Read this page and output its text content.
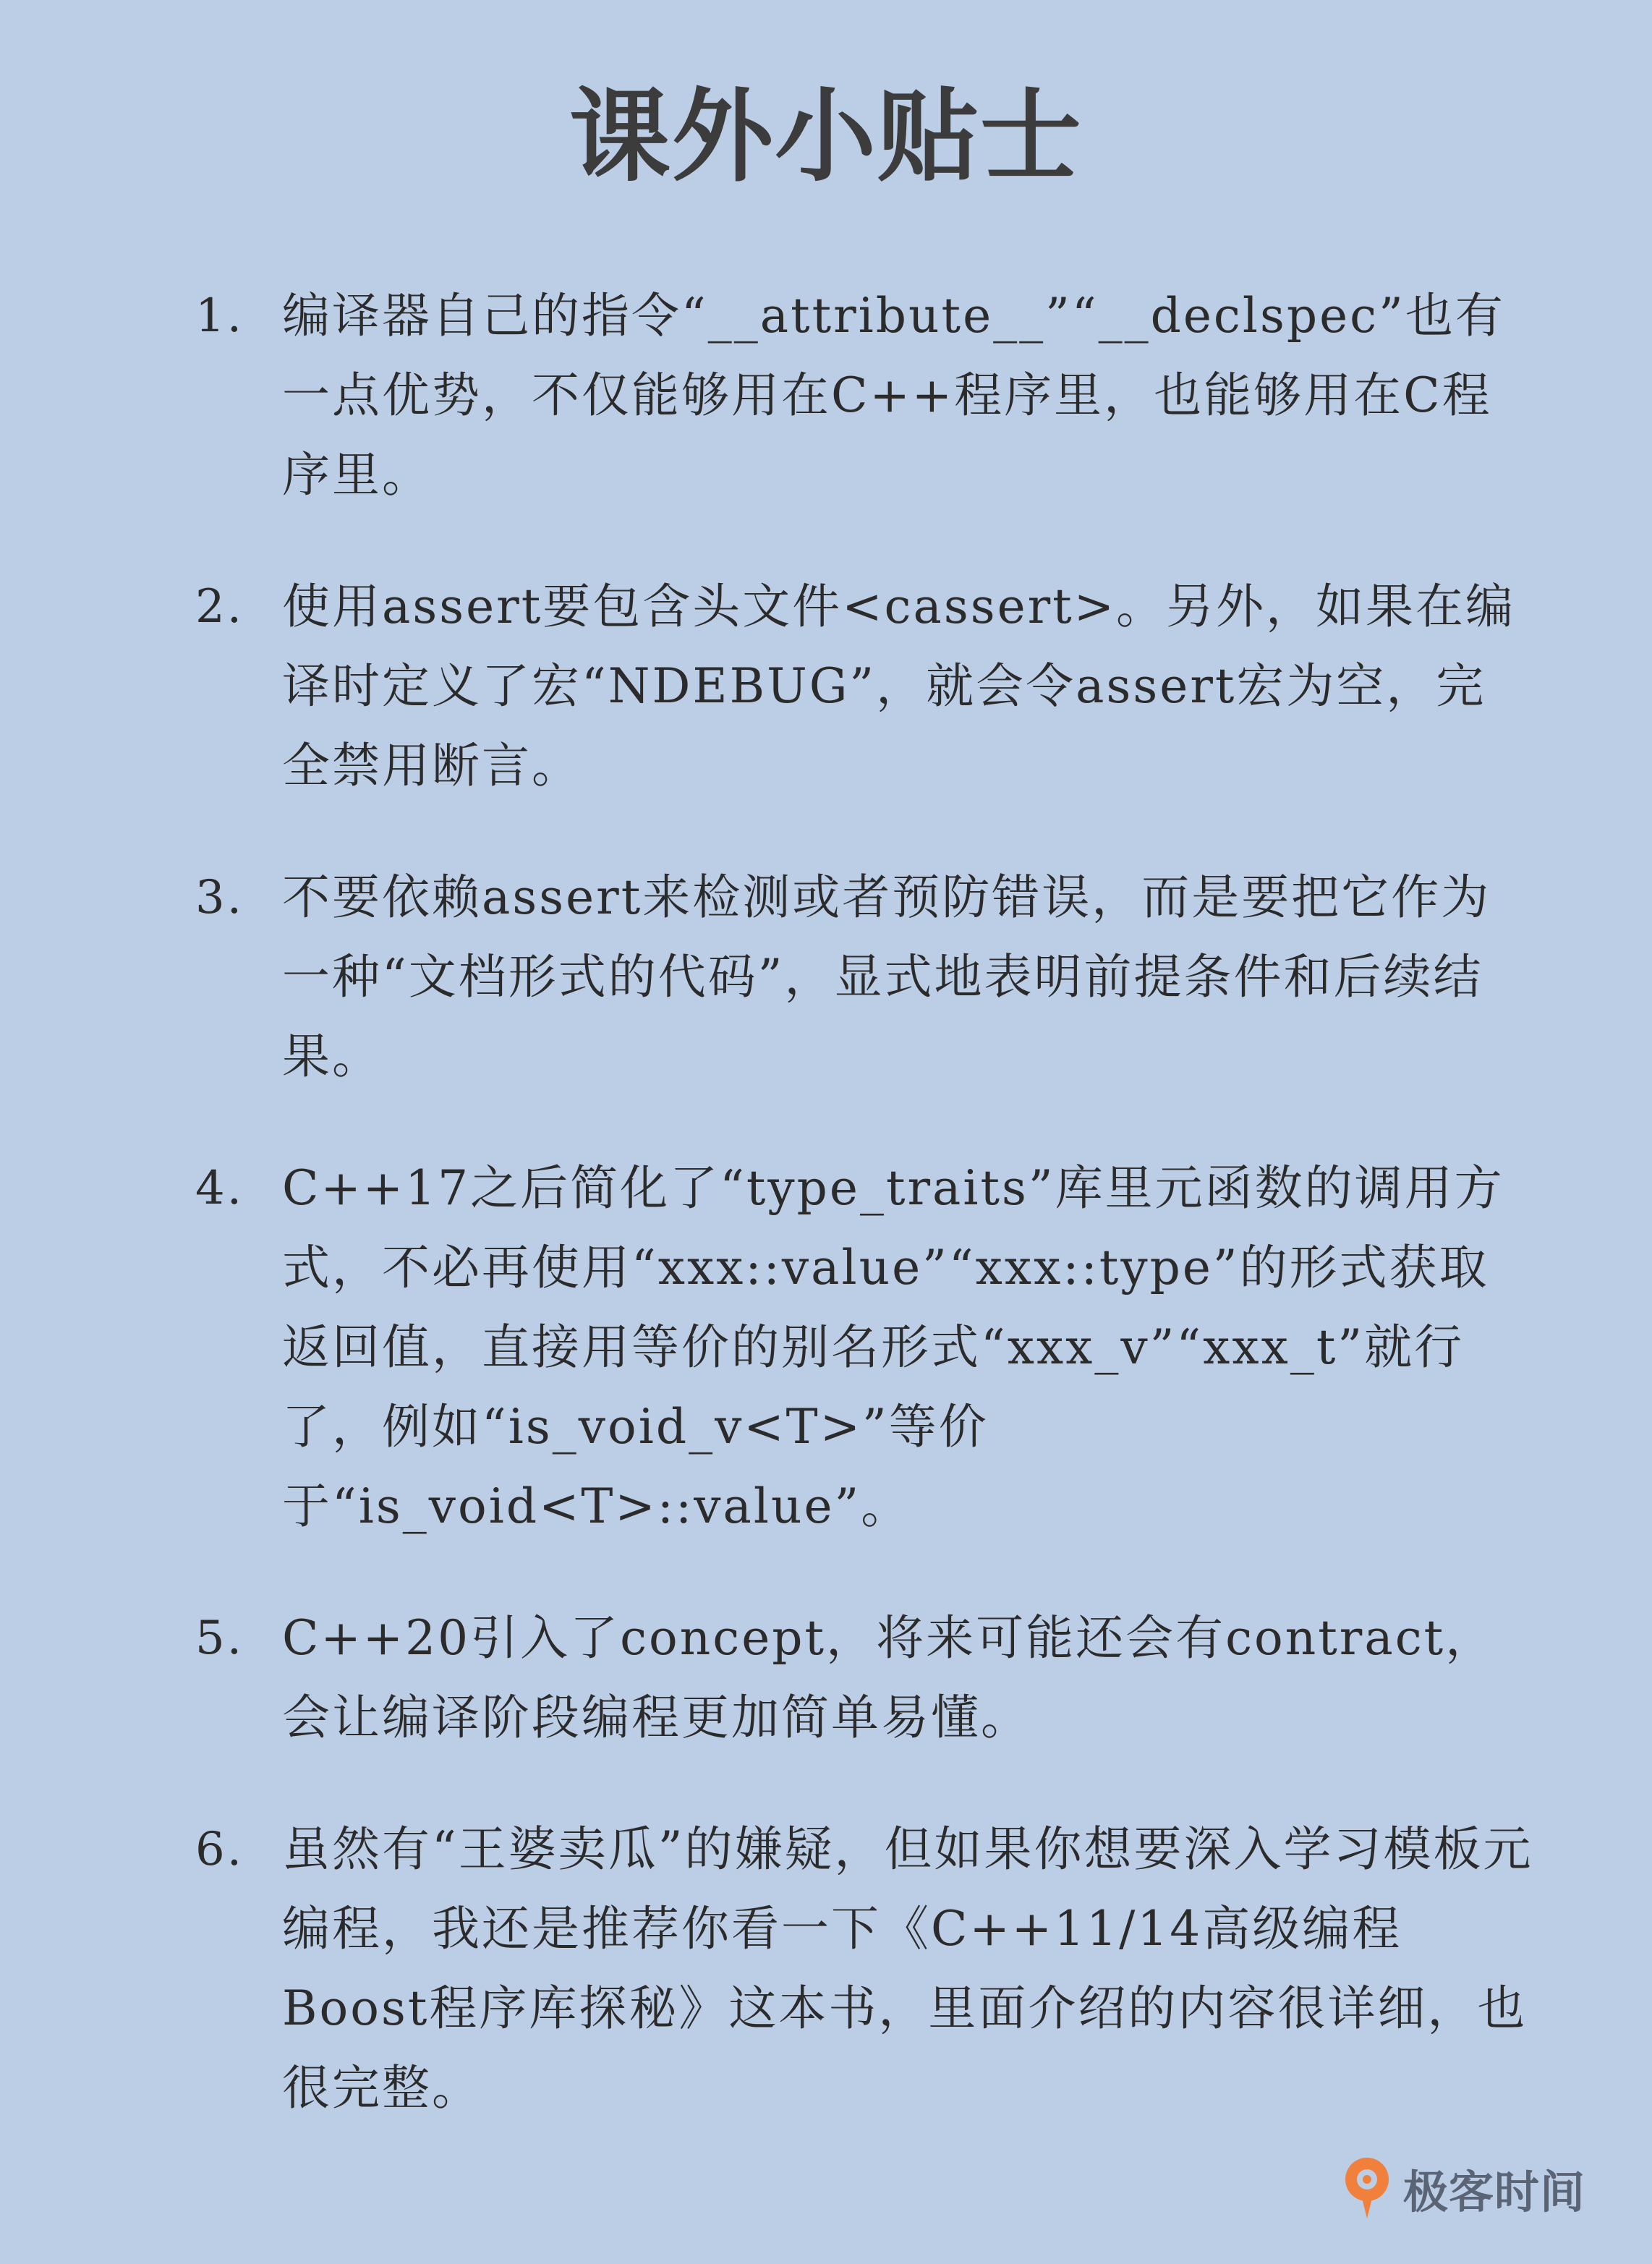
课外小贴士
1. 编译器自己的指令“__attribute__”“__declspec”也有一点优势，不仅能够用在C++程序里，也能够用在C程序里。
2. 使用assert要包含头文件<cassert>。另外，如果在编译时定义了宏“NDEBUG”，就会令assert宏为空，完全禁用断言。
3. 不要依赖assert来检测或者预防错误，而是要把它作为一种“文档形式的代码”，显式地表明前提条件和后续结果。
4. C++17之后简化了“type_traits”库里元函数的调用方式，不必再使用“xxx::value”“xxx::type”的形式获取返回值，直接用等价的别名形式“xxx_v”“xxx_t”就行了，例如“is_void_v<T>”等价于“is_void<T>::value”。
5. C++20引入了concept，将来可能还会有contract，会让编译阶段编程更加简单易懂。
6. 虽然有“王婆卖瓜”的嫌疑，但如果你想要深入学习模板元编程，我还是推荐你看一下《C++11/14高级编程 Boost程序库探秘》这本书，里面介绍的内容很详细，也很完整。
极客时间
